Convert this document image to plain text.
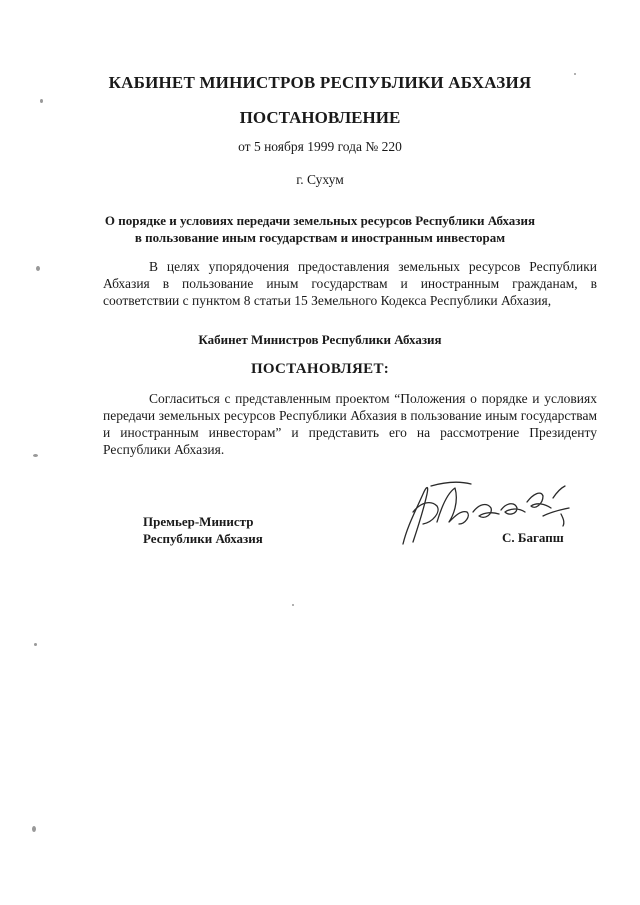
КАБИНЕТ МИНИСТРОВ РЕСПУБЛИКИ АБХАЗИЯ
ПОСТАНОВЛЕНИЕ
от 5 ноября 1999 года № 220
г. Сухум
О порядке и условиях передачи земельных ресурсов Республики Абхазия
в пользование иным государствам и иностранным инвесторам
В целях упорядочения предоставления земельных ресурсов Республики Абхазия в пользование иным государствам и иностранным гражданам, в соответствии с пунктом 8 статьи 15 Земельного Кодекса Республики Абхазия,
Кабинет Министров Республики Абхазия
ПОСТАНОВЛЯЕТ:
Согласиться с представленным проектом “Положения о порядке и условиях передачи земельных ресурсов Республики Абхазия в пользование иным государствам и иностранным инвесторам” и представить его на рассмотрение Президенту Республики Абхазия.
Премьер-Министр
Республики Абхазия	С. Багапш
